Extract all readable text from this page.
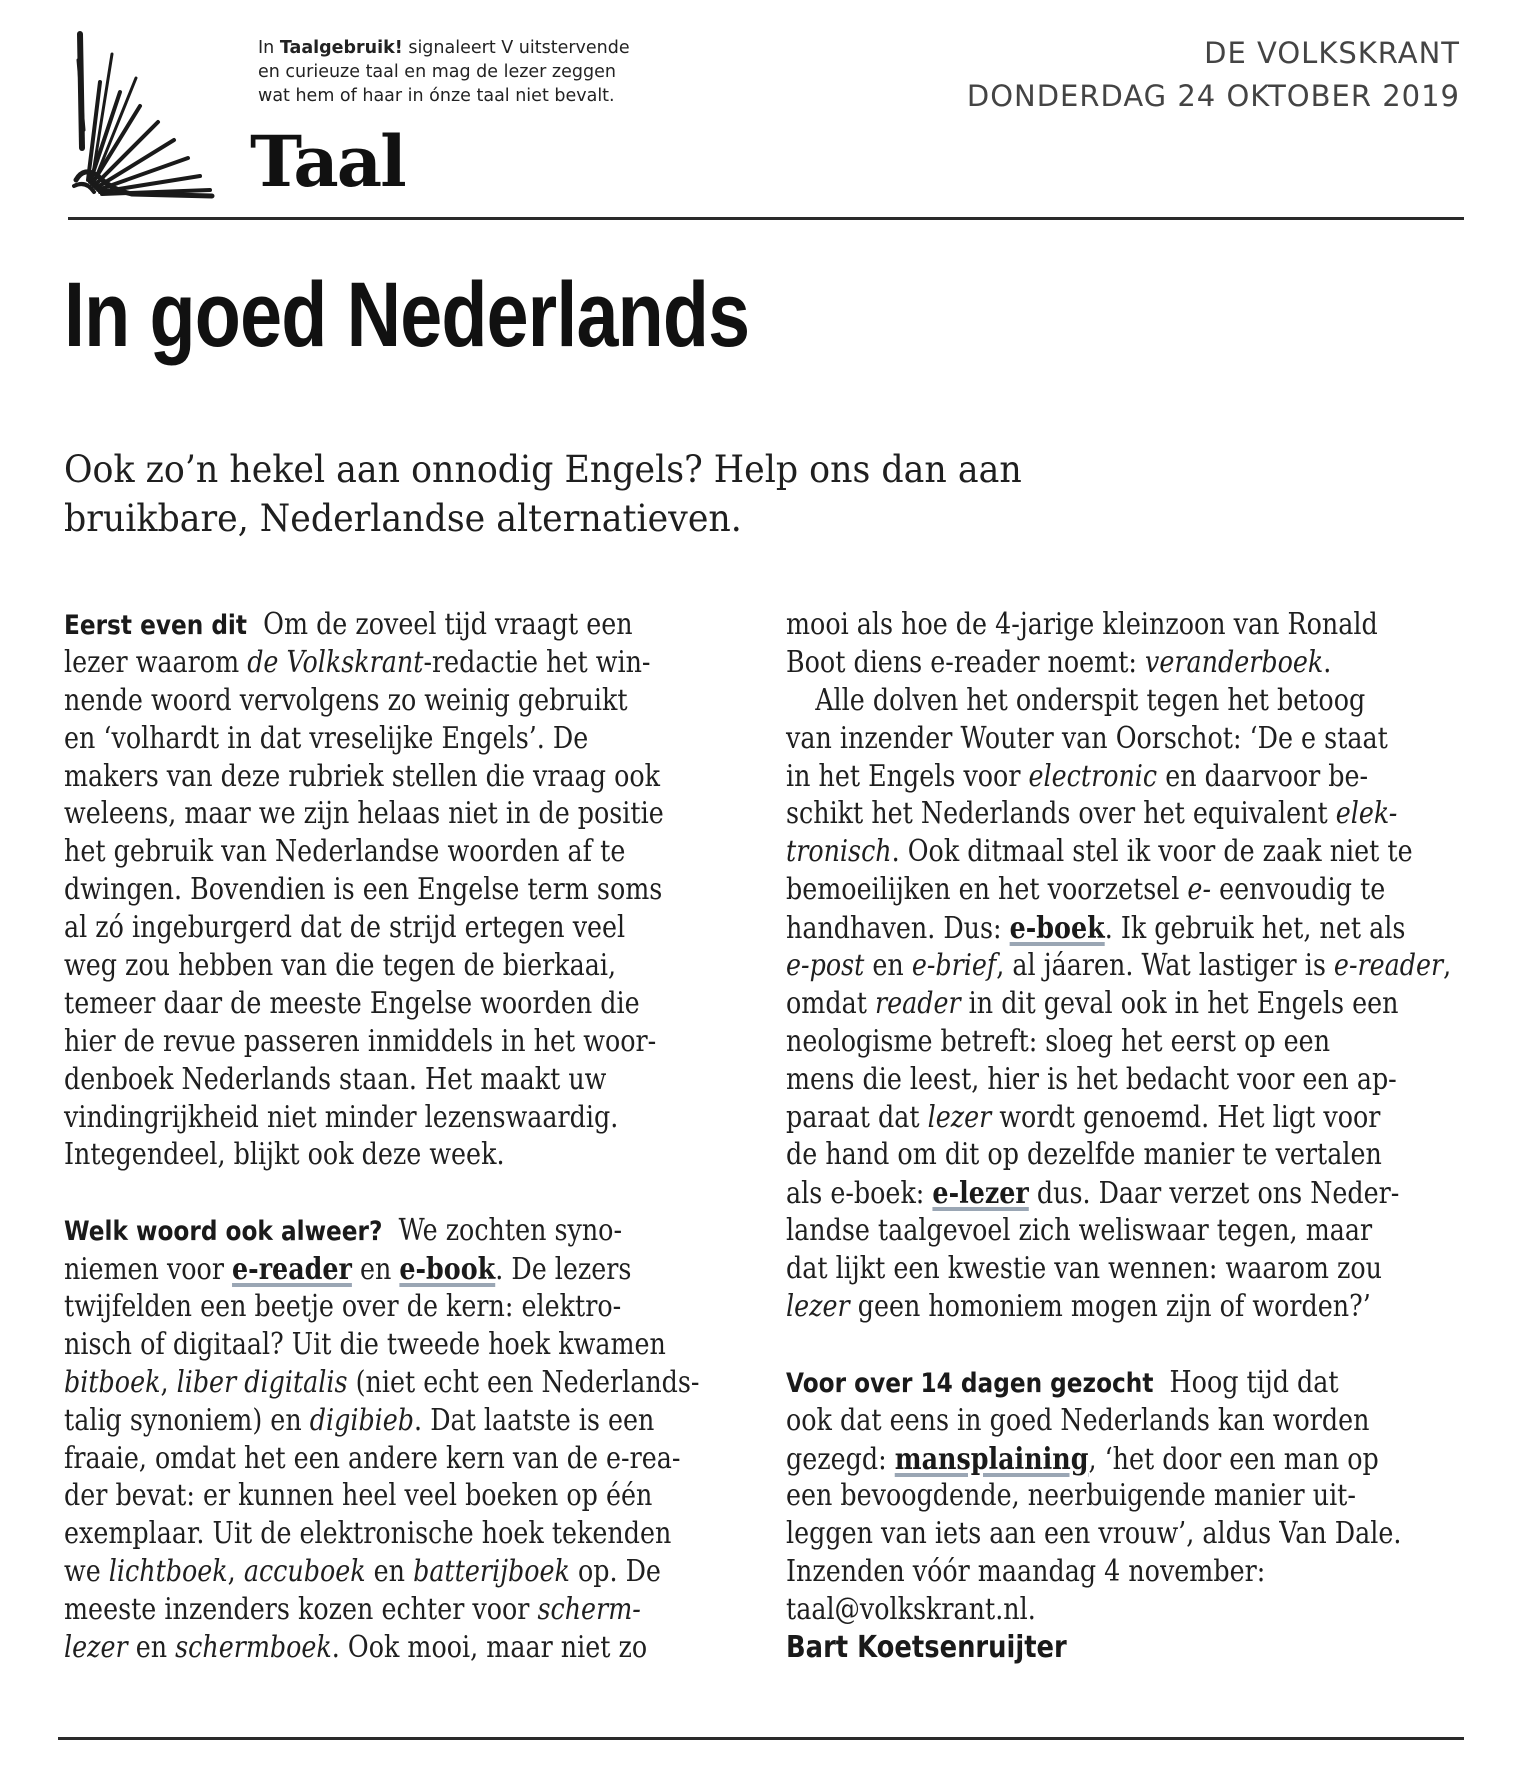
In Taalgebruik! signaleert V uitstervende
en curieuze taal en mag de lezer zeggen
wat hem of haar in ónze taal niet bevalt.
Taal
DE VOLKSKRANT
DONDERDAG 24 OKTOBER 2019
In goed Nederlands
Ook zo’n hekel aan onnodig Engels? Help ons dan aan
bruikbare, Nederlandse alternatieven.
Eerst even dit Om de zoveel tijd vraagt een
lezer waarom de Volkskrant-redactie het win-
nende woord vervolgens zo weinig gebruikt
en ‘volhardt in dat vreselijke Engels’. De
makers van deze rubriek stellen die vraag ook
weleens, maar we zijn helaas niet in de positie
het gebruik van Nederlandse woorden af te
dwingen. Bovendien is een Engelse term soms
al zó ingeburgerd dat de strijd ertegen veel
weg zou hebben van die tegen de bierkaai,
temeer daar de meeste Engelse woorden die
hier de revue passeren inmiddels in het woor-
denboek Nederlands staan. Het maakt uw
vindingrijkheid niet minder lezenswaardig.
Integendeel, blijkt ook deze week.
Welk woord ook alweer? We zochten syno-
niemen voor e-reader en e-book. De lezers
twijfelden een beetje over de kern: elektro-
nisch of digitaal? Uit die tweede hoek kwamen
bitboek, liber digitalis (niet echt een Nederlands-
talig synoniem) en digibieb. Dat laatste is een
fraaie, omdat het een andere kern van de e-rea-
der bevat: er kunnen heel veel boeken op één
exemplaar. Uit de elektronische hoek tekenden
we lichtboek, accuboek en batterijboek op. De
meeste inzenders kozen echter voor scherm-
lezer en schermboek. Ook mooi, maar niet zo
mooi als hoe de 4-jarige kleinzoon van Ronald
Boot diens e-reader noemt: veranderboek.
Alle dolven het onderspit tegen het betoog
van inzender Wouter van Oorschot: ‘De e staat
in het Engels voor electronic en daarvoor be-
schikt het Nederlands over het equivalent elek-
tronisch. Ook ditmaal stel ik voor de zaak niet te
bemoeilijken en het voorzetsel e- eenvoudig te
handhaven. Dus: e-boek. Ik gebruik het, net als
e-post en e-brief, al jáaren. Wat lastiger is e-reader,
omdat reader in dit geval ook in het Engels een
neologisme betreft: sloeg het eerst op een
mens die leest, hier is het bedacht voor een ap-
paraat dat lezer wordt genoemd. Het ligt voor
de hand om dit op dezelfde manier te vertalen
als e-boek: e-lezer dus. Daar verzet ons Neder-
landse taalgevoel zich weliswaar tegen, maar
dat lijkt een kwestie van wennen: waarom zou
lezer geen homoniem mogen zijn of worden?’
Voor over 14 dagen gezocht Hoog tijd dat
ook dat eens in goed Nederlands kan worden
gezegd: mansplaining, ‘het door een man op
een bevoogdende, neerbuigende manier uit-
leggen van iets aan een vrouw’, aldus Van Dale.
Inzenden vóór maandag 4 november:
taal@volkskrant.nl.
Bart Koetsenruijter
